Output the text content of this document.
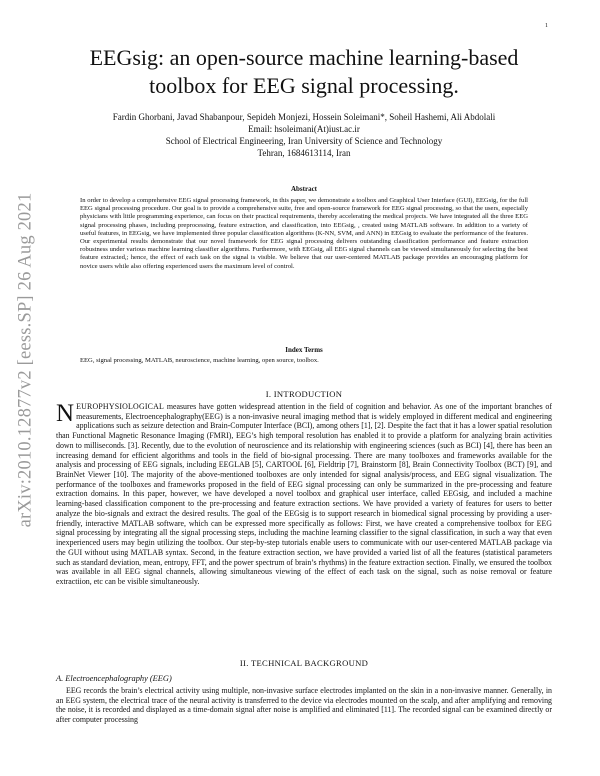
1
arXiv:2010.12877v2 [eess.SP] 26 Aug 2021
EEGsig: an open-source machine learning-based toolbox for EEG signal processing.
Fardin Ghorbani, Javad Shabanpour, Sepideh Monjezi, Hossein Soleimani*, Soheil Hashemi, Ali Abdolali
Email: hsoleimani(At)iust.ac.ir
School of Electrical Engineering, Iran University of Science and Technology
Tehran, 1684613114, Iran
Abstract
In order to develop a comprehensive EEG signal processing framework, in this paper, we demonstrate a toolbox and Graphical User Interface (GUI), EEGsig, for the full EEG signal processing procedure. Our goal is to provide a comprehensive suite, free and open-source framework for EEG signal processing, so that the users, especially physicians with little programming experience, can focus on their practical requirements, thereby accelerating the medical projects. We have integrated all the three EEG signal processing phases, including preprocessing, feature extraction, and classification, into EEGsig, , created using MATLAB software. In addition to a variety of useful features, in EEGsig, we have implemented three popular classification algorithms (K-NN, SVM, and ANN) in EEGsig to evaluate the performance of the features. Our experimental results demonstrate that our novel framework for EEG signal processing delivers outstanding classification performance and feature extraction robustness under various machine learning classifier algorithms. Furthermore, with EEGsig, all EEG signal channels can be viewed simultaneously for selecting the best feature extracted,; hence, the effect of each task on the signal is visible. We believe that our user-centered MATLAB package provides an encouraging platform for novice users while also offering experienced users the maximum level of control.
Index Terms
EEG, signal processing, MATLAB, neuroscience, machine learning, open source, toolbox.
I. INTRODUCTION
NEUROPHYSIOLOGICAL measures have gotten widespread attention in the field of cognition and behavior. As one of the important branches of measurements, Electroencephalography(EEG) is a non-invasive neural imaging method that is widely employed in different medical and engineering applications such as seizure detection and Brain-Computer Interface (BCI), among others [1], [2]. Despite the fact that it has a lower spatial resolution than Functional Magnetic Resonance Imaging (FMRI), EEG’s high temporal resolution has enabled it to provide a platform for analyzing brain activities down to milliseconds. [3]. Recently, due to the evolution of neuroscience and its relationship with engineering sciences (such as BCI) [4], there has been an increasing demand for efficient algorithms and tools in the field of bio-signal processing. There are many toolboxes and frameworks available for the analysis and processing of EEG signals, including EEGLAB [5], CARTOOL [6], Fieldtrip [7], Brainstorm [8], Brain Connectivity Toolbox (BCT) [9], and BrainNet Viewer [10]. The majority of the above-mentioned toolboxes are only intended for signal analysis/process, and EEG signal visualization. The performance of the toolboxes and frameworks proposed in the field of EEG signal processing can only be summarized in the pre-processing and feature extraction domains. In this paper, however, we have developed a novel toolbox and graphical user interface, called EEGsig, and included a machine learning-based classification component to the pre-processing and feature extraction sections. We have provided a variety of features for users to better analyze the bio-signals and extract the desired results. The goal of the EEGsig is to support research in biomedical signal processing by providing a user-friendly, interactive MATLAB software, which can be expressed more specifically as follows: First, we have created a comprehensive toolbox for EEG signal processing by integrating all the signal processing steps, including the machine learning classifier to the signal classification, in such a way that even inexperienced users may begin utilizing the toolbox. Our step-by-step tutorials enable users to communicate with our user-centered MATLAB package via the GUI without using MATLAB syntax. Second, in the feature extraction section, we have provided a varied list of all the features (statistical parameters such as standard deviation, mean, entropy, FFT, and the power spectrum of brain’s rhythms) in the feature extraction section. Finally, we ensured the toolbox was available in all EEG signal channels, allowing simultaneous viewing of the effect of each task on the signal, such as noise removal or feature extractiion, etc can be visible simultaneously.
II. TECHNICAL BACKGROUND
A. Electroencephalography (EEG)
EEG records the brain’s electrical activity using multiple, non-invasive surface electrodes implanted on the skin in a non-invasive manner. Generally, in an EEG system, the electrical trace of the neural activity is transferred to the device via electrodes mounted on the scalp, and after amplifying and removing the noise, it is recorded and displayed as a time-domain signal after noise is amplified and eliminated [11]. The recorded signal can be examined directly or after computer processing
